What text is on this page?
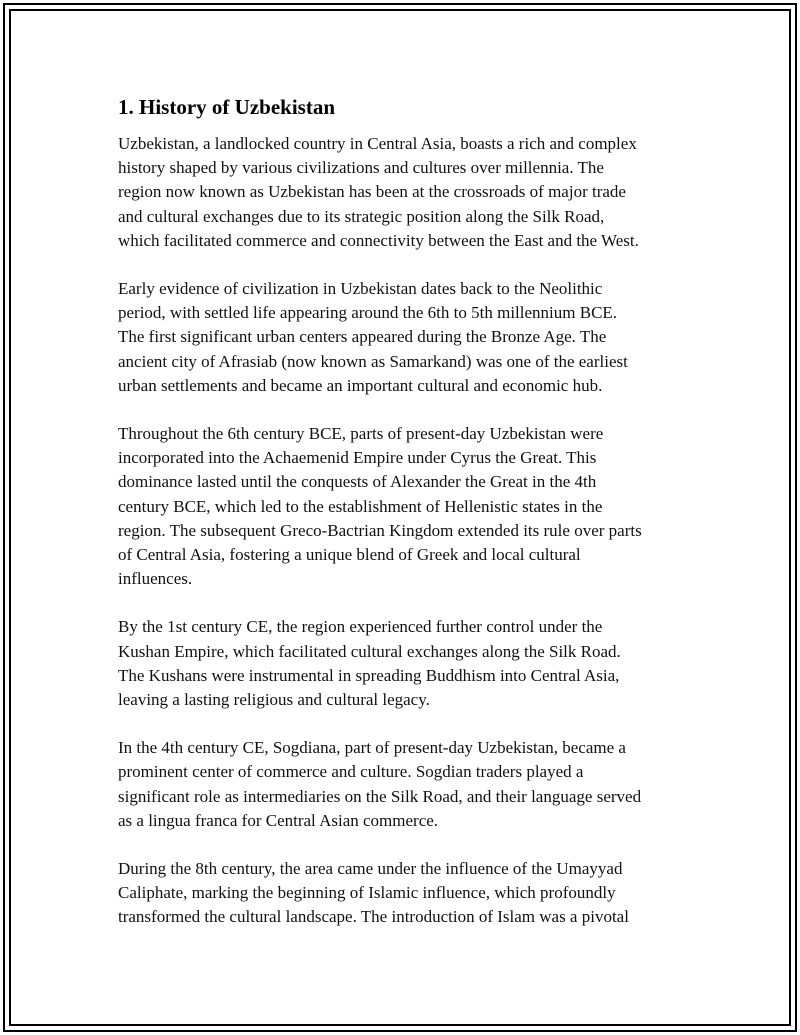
1. History of Uzbekistan

Uzbekistan, a landlocked country in Central Asia, boasts a rich and complex
history shaped by various civilizations and cultures over millennia. The
region now known as Uzbekistan has been at the crossroads of major trade
and cultural exchanges due to its strategic position along the Silk Road,
which facilitated commerce and connectivity between the East and the West.

Early evidence of civilization in Uzbekistan dates back to the Neolithic
period, with settled life appearing around the 6th to 5th millennium BCE.
The first significant urban centers appeared during the Bronze Age. The
ancient city of Afrasiab (now known as Samarkand) was one of the earliest
urban settlements and became an important cultural and economic hub.

Throughout the 6th century BCE, parts of present-day Uzbekistan were
incorporated into the Achaemenid Empire under Cyrus the Great. This
dominance lasted until the conquests of Alexander the Great in the 4th
century BCE, which led to the establishment of Hellenistic states in the
region. The subsequent Greco-Bactrian Kingdom extended its rule over parts
of Central Asia, fostering a unique blend of Greek and local cultural
influences.

By the 1st century CE, the region experienced further control under the
Kushan Empire, which facilitated cultural exchanges along the Silk Road.
The Kushans were instrumental in spreading Buddhism into Central Asia,
leaving a lasting religious and cultural legacy.

In the 4th century CE, Sogdiana, part of present-day Uzbekistan, became a
prominent center of commerce and culture. Sogdian traders played a
significant role as intermediaries on the Silk Road, and their language served
as a lingua franca for Central Asian commerce.

During the 8th century, the area came under the influence of the Umayyad
Caliphate, marking the beginning of Islamic influence, which profoundly
transformed the cultural landscape. The introduction of Islam was a pivotal
